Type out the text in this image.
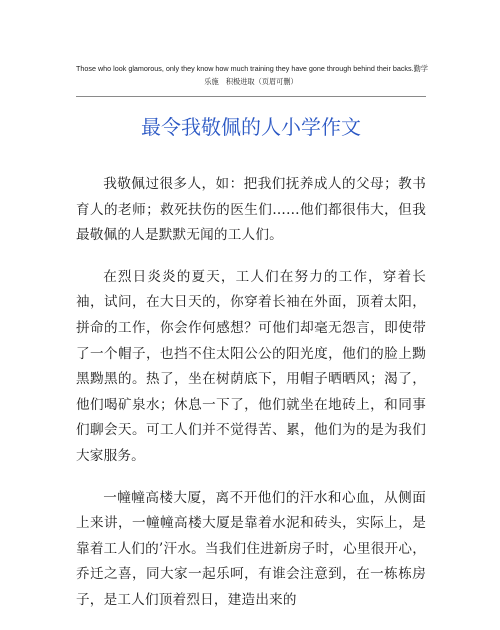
Those who look glamorous, only they know how much training they have gone through behind their backs.勤学
乐施　积极进取（页眉可删）
最令我敬佩的人小学作文

我敬佩过很多人，如：把我们抚养成人的父母；教书育人的老师；救死扶伤的医生们……他们都很伟大，但我最敬佩的人是默默无闻的工人们。

在烈日炎炎的夏天，工人们在努力的工作，穿着长袖，试问，在大日天的，你穿着长袖在外面，顶着太阳，拼命的工作，你会作何感想？可他们却毫无怨言，即使带了一个帽子，也挡不住太阳公公的阳光度，他们的脸上黝黑黝黑的。热了，坐在树荫底下，用帽子晒晒风；渴了，他们喝矿泉水；休息一下了，他们就坐在地砖上，和同事们聊会天。可工人们并不觉得苦、累，他们为的是为我们大家服务。

一幢幢高楼大厦，离不开他们的汗水和心血，从侧面上来讲，一幢幢高楼大厦是靠着水泥和砖头，实际上，是靠着工人们的’汗水。当我们住进新房子时，心里很开心，乔迁之喜，同大家一起乐呵，有谁会注意到，在一栋栋房子，是工人们顶着烈日，建造出来的
